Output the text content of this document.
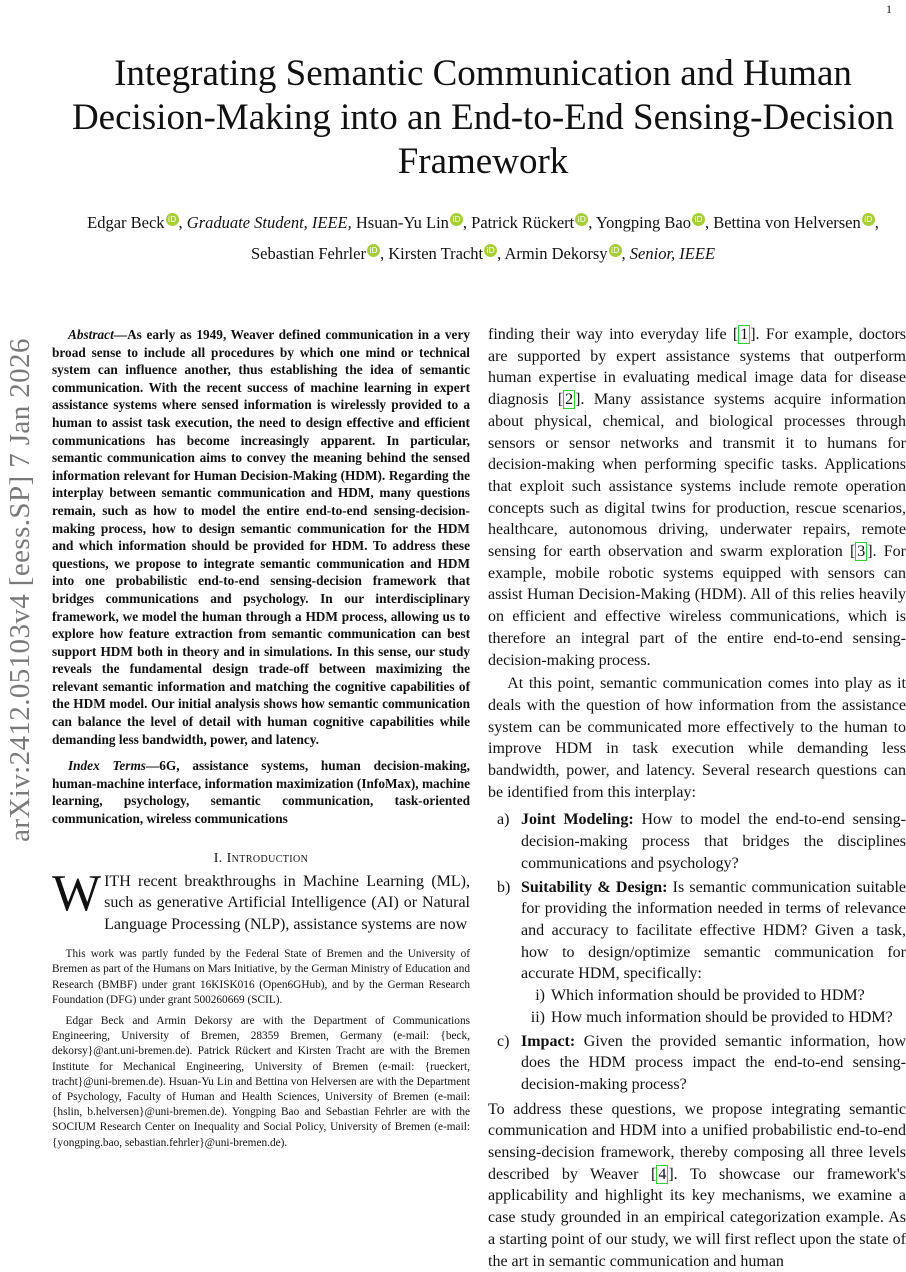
1
arXiv:2412.05103v4 [eess.SP] 7 Jan 2026
Integrating Semantic Communication and Human Decision-Making into an End-to-End Sensing-Decision Framework
Edgar Beck iD , Graduate Student, IEEE, Hsuan-Yu Lin iD , Patrick Rückert iD , Yongping Bao iD , Bettina von Helversen iD , Sebastian Fehrler iD , Kirsten Tracht iD , Armin Dekorsy iD , Senior, IEEE

Abstract—As early as 1949, Weaver defined communication in a very broad sense to include all procedures by which one mind or technical system can influence another, thus establishing the idea of semantic communication. With the recent success of machine learning in expert assistance systems where sensed information is wirelessly provided to a human to assist task execution, the need to design effective and efficient communications has become increasingly apparent. In particular, semantic communication aims to convey the meaning behind the sensed information relevant for Human Decision-Making (HDM). Regarding the interplay between semantic communication and HDM, many questions remain, such as how to model the entire end-to-end sensing-decision-making process, how to design semantic communication for the HDM and which information should be provided for HDM. To address these questions, we propose to integrate semantic communication and HDM into one probabilistic end-to-end sensing-decision framework that bridges communications and psychology. In our interdisciplinary framework, we model the human through a HDM process, allowing us to explore how feature extraction from semantic communication can best support HDM both in theory and in simulations. In this sense, our study reveals the fundamental design trade-off between maximizing the relevant semantic information and matching the cognitive capabilities of the HDM model. Our initial analysis shows how semantic communication can balance the level of detail with human cognitive capabilities while demanding less bandwidth, power, and latency.

Index Terms—6G, assistance systems, human decision-making, human-machine interface, information maximization (InfoMax), machine learning, psychology, semantic communication, task-oriented communication, wireless communications

I. Introduction

WITH recent breakthroughs in Machine Learning (ML), such as generative Artificial Intelligence (AI) or Natural Language Processing (NLP), assistance systems are now

This work was partly funded by the Federal State of Bremen and the University of Bremen as part of the Humans on Mars Initiative, by the German Ministry of Education and Research (BMBF) under grant 16KISK016 (Open6GHub), and by the German Research Foundation (DFG) under grant 500260669 (SCIL).

Edgar Beck and Armin Dekorsy are with the Department of Communications Engineering, University of Bremen, 28359 Bremen, Germany (e-mail: {beck, dekorsy}@ant.uni-bremen.de). Patrick Rückert and Kirsten Tracht are with the Bremen Institute for Mechanical Engineering, University of Bremen (e-mail: {rueckert, tracht}@uni-bremen.de). Hsuan-Yu Lin and Bettina von Helversen are with the Department of Psychology, Faculty of Human and Health Sciences, University of Bremen (e-mail: {hslin, b.helversen}@uni-bremen.de). Yongping Bao and Sebastian Fehrler are with the SOCIUM Research Center on Inequality and Social Policy, University of Bremen (e-mail: {yongping.bao, sebastian.fehrler}@uni-bremen.de).

finding their way into everyday life [ 1 ]. For example, doctors are supported by expert assistance systems that outperform human expertise in evaluating medical image data for disease diagnosis [ 2 ]. Many assistance systems acquire information about physical, chemical, and biological processes through sensors or sensor networks and transmit it to humans for decision-making when performing specific tasks. Applications that exploit such assistance systems include remote operation concepts such as digital twins for production, rescue scenarios, healthcare, autonomous driving, underwater repairs, remote sensing for earth observation and swarm exploration [ 3 ]. For example, mobile robotic systems equipped with sensors can assist Human Decision-Making (HDM). All of this relies heavily on efficient and effective wireless communications, which is therefore an integral part of the entire end-to-end sensing-decision-making process.

At this point, semantic communication comes into play as it deals with the question of how information from the assistance system can be communicated more effectively to the human to improve HDM in task execution while demanding less bandwidth, power, and latency. Several research questions can be identified from this interplay:

a) Joint Modeling: How to model the end-to-end sensing-decision-making process that bridges the disciplines communications and psychology?
b) Suitability & Design: Is semantic communication suitable for providing the information needed in terms of relevance and accuracy to facilitate effective HDM? Given a task, how to design/optimize semantic communication for accurate HDM, specifically:
i) Which information should be provided to HDM?
ii) How much information should be provided to HDM?
c) Impact: Given the provided semantic information, how does the HDM process impact the end-to-end sensing-decision-making process?

To address these questions, we propose integrating semantic communication and HDM into a unified probabilistic end-to-end sensing-decision framework, thereby composing all three levels described by Weaver [ 4 ]. To showcase our framework's applicability and highlight its key mechanisms, we examine a case study grounded in an empirical categorization example. As a starting point of our study, we will first reflect upon the state of the art in semantic communication and human
